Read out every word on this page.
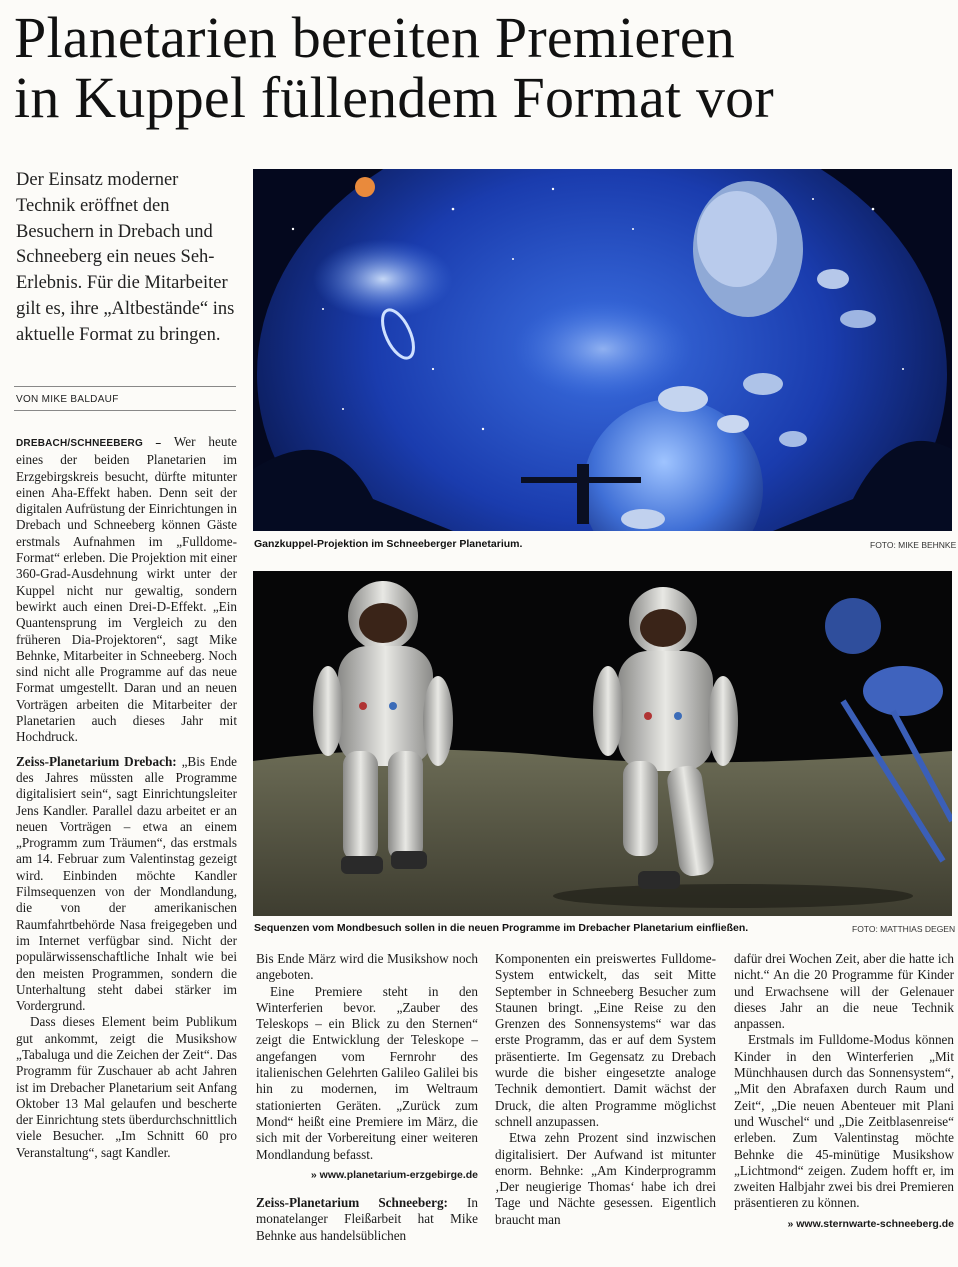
Planetarien bereiten Premieren
in Kuppel füllendem Format vor
Der Einsatz moderner Technik eröffnet den Besuchern in Drebach und Schneeberg ein neues Seh-Erlebnis. Für die Mitarbeiter gilt es, ihre „Altbestände“ ins aktuelle Format zu bringen.
VON MIKE BALDAUF
Ganzkuppel-Projektion im Schneeberger Planetarium.	FOTO: MIKE BEHNKE
Sequenzen vom Mondbesuch sollen in die neuen Programme im Drebacher Planetarium einfließen.	FOTO: MATTHIAS DEGEN

DREBACH/SCHNEEBERG – Wer heute eines der beiden Planetarien im Erzgebirgskreis besucht, dürfte mitunter einen Aha-Effekt haben. Denn seit der digitalen Aufrüstung der Einrichtungen in Drebach und Schneeberg können Gäste erstmals Aufnahmen im „Fulldome-Format“ erleben. Die Projektion mit einer 360-Grad-Ausdehnung wirkt unter der Kuppel nicht nur gewaltig, sondern bewirkt auch einen Drei-D-Effekt. „Ein Quantensprung im Vergleich zu den früheren Dia-Projektoren“, sagt Mike Behnke, Mitarbeiter in Schneeberg. Noch sind nicht alle Programme auf das neue Format umgestellt. Daran und an neuen Vorträgen arbeiten die Mitarbeiter der Planetarien auch dieses Jahr mit Hochdruck.

Zeiss-Planetarium Drebach: „Bis Ende des Jahres müssten alle Programme digitalisiert sein“, sagt Einrichtungsleiter Jens Kandler. Parallel dazu arbeitet er an neuen Vorträgen – etwa an einem „Programm zum Träumen“, das erstmals am 14. Februar zum Valentinstag gezeigt wird. Einbinden möchte Kandler Filmsequenzen von der Mondlandung, die von der amerikanischen Raumfahrtbehörde Nasa freigegeben und im Internet verfügbar sind. Nicht der populärwissenschaftliche Inhalt wie bei den meisten Programmen, sondern die Unterhaltung steht dabei stärker im Vordergrund.

Dass dieses Element beim Publikum gut ankommt, zeigt die Musikshow „Tabaluga und die Zeichen der Zeit“. Das Programm für Zuschauer ab acht Jahren ist im Drebacher Planetarium seit Anfang Oktober 13 Mal gelaufen und bescherte der Einrichtung stets überdurchschnittlich viele Besucher. „Im Schnitt 60 pro Veranstaltung“, sagt Kandler.

Bis Ende März wird die Musikshow noch angeboten.

Eine Premiere steht in den Winterferien bevor. „Zauber des Teleskops – ein Blick zu den Sternen“ zeigt die Entwicklung der Teleskope – angefangen vom Fernrohr des italienischen Gelehrten Galileo Galilei bis hin zu modernen, im Weltraum stationierten Geräten. „Zurück zum Mond“ heißt eine Premiere im März, die sich mit der Vorbereitung einer weiteren Mondlandung befasst.

» www.planetarium-erzgebirge.de

Zeiss-Planetarium Schneeberg: In monatelanger Fleißarbeit hat Mike Behnke aus handelsüblichen

Komponenten ein preiswertes Fulldome-System entwickelt, das seit Mitte September in Schneeberg Besucher zum Staunen bringt. „Eine Reise zu den Grenzen des Sonnensystems“ war das erste Programm, das er auf dem System präsentierte. Im Gegensatz zu Drebach wurde die bisher eingesetzte analoge Technik demontiert. Damit wächst der Druck, die alten Programme möglichst schnell anzupassen.

Etwa zehn Prozent sind inzwischen digitalisiert. Der Aufwand ist mitunter enorm. Behnke: „Am Kinderprogramm ‚Der neugierige Thomas‘ habe ich drei Tage und Nächte gesessen. Eigentlich braucht man

dafür drei Wochen Zeit, aber die hatte ich nicht.“ An die 20 Programme für Kinder und Erwachsene will der Gelenauer dieses Jahr an die neue Technik anpassen.

Erstmals im Fulldome-Modus können Kinder in den Winterferien „Mit Münchhausen durch das Sonnensystem“, „Mit den Abrafaxen durch Raum und Zeit“, „Die neuen Abenteuer mit Plani und Wuschel“ und „Die Zeitblasenreise“ erleben. Zum Valentinstag möchte Behnke die 45-minütige Musikshow „Lichtmond“ zeigen. Zudem hofft er, im zweiten Halbjahr zwei bis drei Premieren präsentieren zu können.

» www.sternwarte-schneeberg.de
